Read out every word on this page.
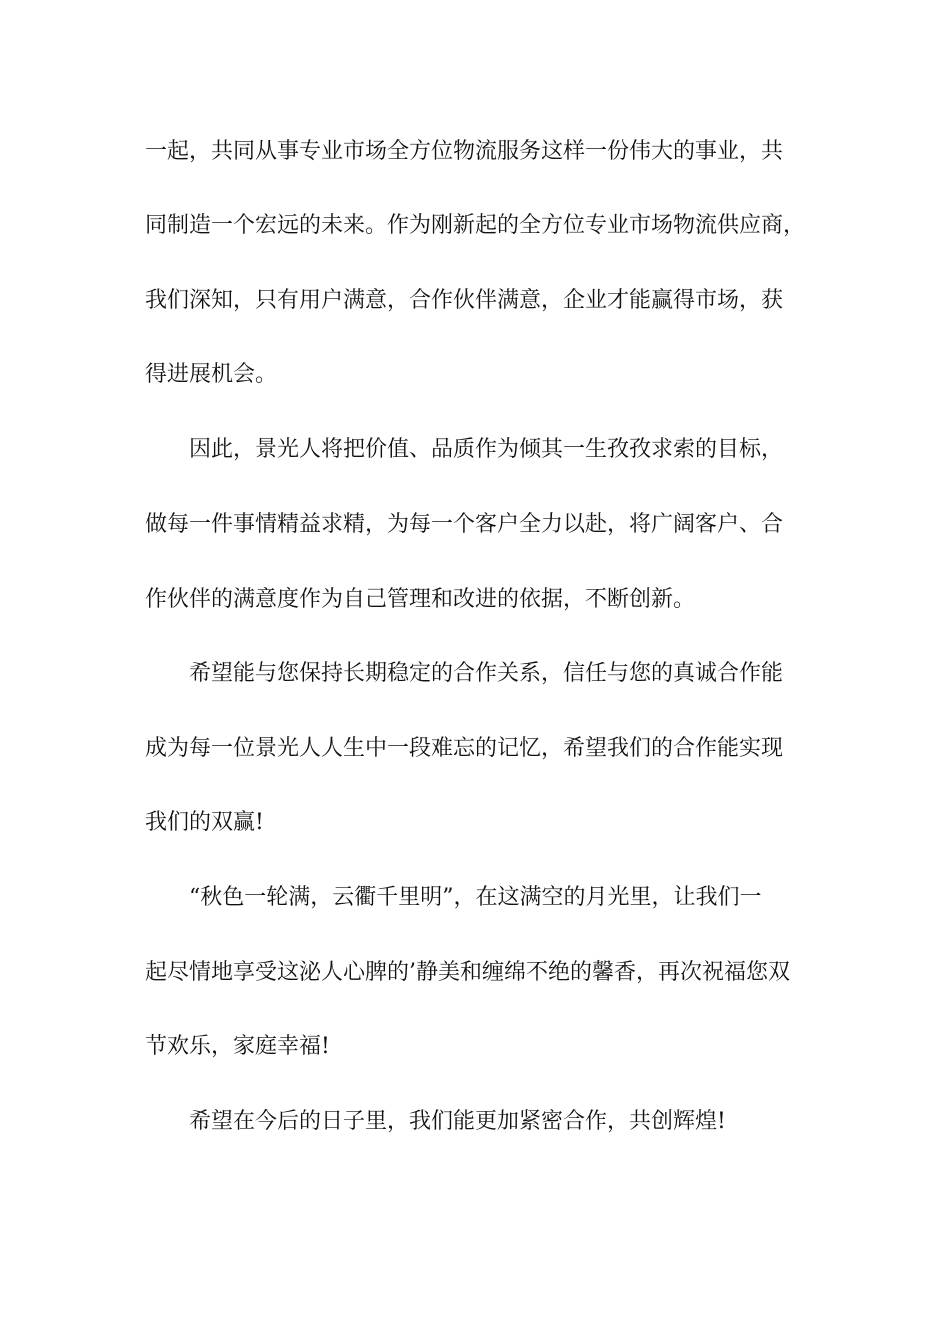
一起，共同从事专业市场全方位物流服务这样一份伟大的事业，共
同制造一个宏远的未来。作为刚新起的全方位专业市场物流供应商，
我们深知，只有用户满意，合作伙伴满意，企业才能赢得市场，获
得进展机会。
因此，景光人将把价值、品质作为倾其一生孜孜求索的目标，
做每一件事情精益求精，为每一个客户全力以赴，将广阔客户、合
作伙伴的满意度作为自己管理和改进的依据，不断创新。
希望能与您保持长期稳定的合作关系，信任与您的真诚合作能
成为每一位景光人人生中一段难忘的记忆，希望我们的合作能实现
我们的双赢!
“秋色一轮满，云衢千里明”，在这满空的月光里，让我们一
起尽情地享受这泌人心脾的’静美和缠绵不绝的馨香，再次祝福您双
节欢乐，家庭幸福!
希望在今后的日子里，我们能更加紧密合作，共创辉煌!
